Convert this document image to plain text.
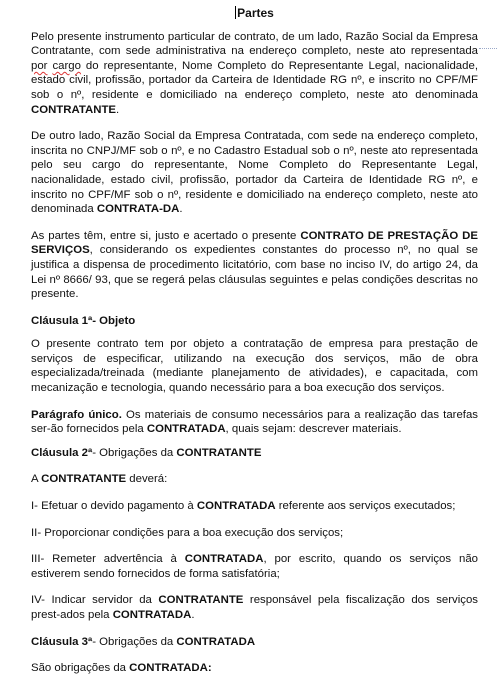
Partes

Pelo presente instrumento particular de contrato, de um lado, Razão Social da Empresa Contratante, com sede administrativa na endereço completo, neste ato representada por cargo do representante, Nome Completo do Representante Legal, nacionalidade, estado civil, profissão, portador da Carteira de Identidade RG nº, e inscrito no CPF/MF sob o nº, residente e domiciliado na endereço completo, neste ato denominada CONTRATANTE.

De outro lado, Razão Social da Empresa Contratada, com sede na endereço completo, inscrita no CNPJ/MF sob o nº, e no Cadastro Estadual sob o nº, neste ato representada pelo seu cargo do representante, Nome Completo do Representante Legal, nacionalidade, estado civil, profissão, portador da Carteira de Identidade RG nº, e inscrito no CPF/MF sob o nº, residente e domiciliado na endereço completo, neste ato denominada CONTRATA-DA.

As partes têm, entre si, justo e acertado o presente CONTRATO DE PRESTAÇÃO DE SERVIÇOS, considerando os expedientes constantes do processo nº, no qual se justifica a dispensa de procedimento licitatório, com base no inciso IV, do artigo 24, da Lei nº 8666/ 93, que se regerá pelas cláusulas seguintes e pelas condições descritas no presente.

Cláusula 1ª- Objeto

O presente contrato tem por objeto a contratação de empresa para prestação de serviços de especificar, utilizando na execução dos serviços, mão de obra especializada/treinada (mediante planejamento de atividades), e capacitada, com mecanização e tecnologia, quando necessário para a boa execução dos serviços.

Parágrafo único. Os materiais de consumo necessários para a realização das tarefas ser-ão fornecidos pela CONTRATADA, quais sejam: descrever materiais.

Cláusula 2ª- Obrigações da CONTRATANTE

A CONTRATANTE deverá:

I- Efetuar o devido pagamento à CONTRATADA referente aos serviços executados;

II- Proporcionar condições para a boa execução dos serviços;

III- Remeter advertência à CONTRATADA, por escrito, quando os serviços não estiverem sendo fornecidos de forma satisfatória;

IV- Indicar servidor da CONTRATANTE responsável pela fiscalização dos serviços prest-ados pela CONTRATADA.

Cláusula 3ª- Obrigações da CONTRATADA

São obrigações da CONTRATADA:
